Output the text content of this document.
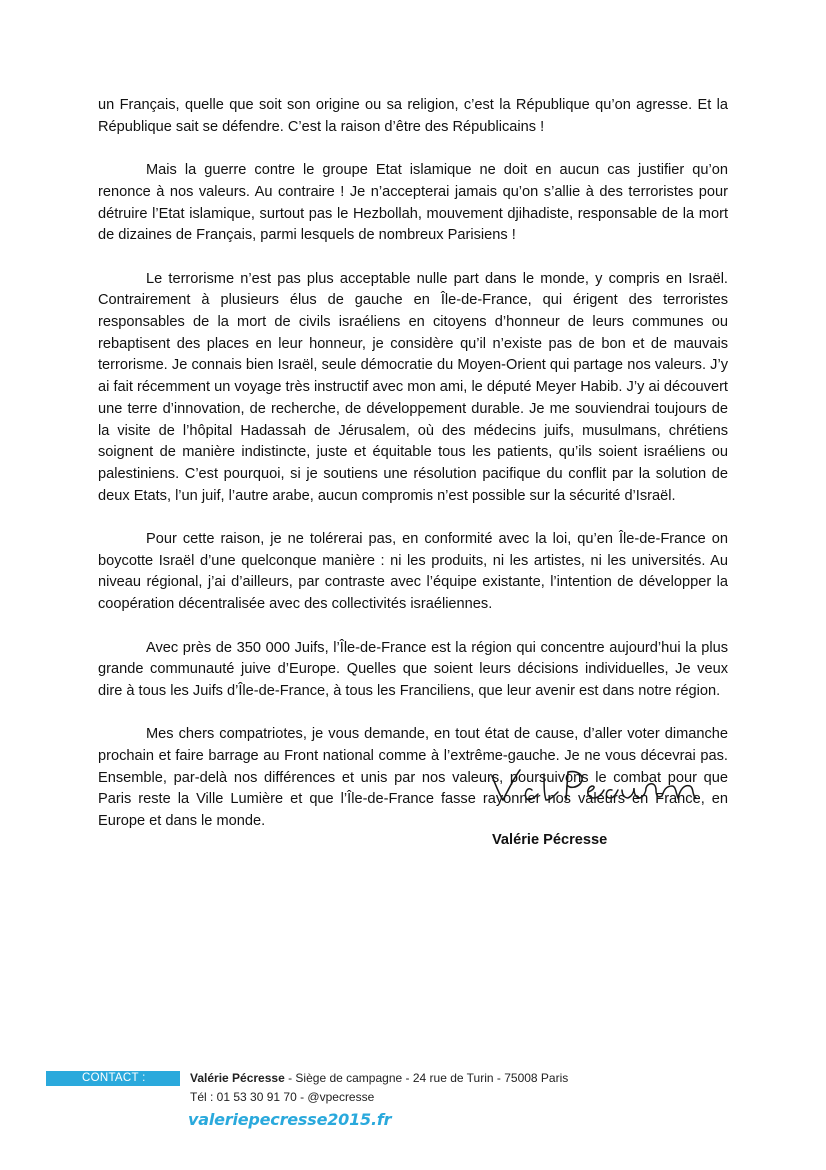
un Français, quelle que soit son origine ou sa religion, c’est la République qu’on agresse. Et la République sait se défendre. C’est la raison d’être des Républicains !

Mais la guerre contre le groupe Etat islamique ne doit en aucun cas justifier qu’on renonce à nos valeurs. Au contraire ! Je n’accepterai jamais qu’on s’allie à des terroristes pour détruire l’Etat islamique, surtout pas le Hezbollah, mouvement djihadiste, responsable de la mort de dizaines de Français, parmi lesquels de nombreux Parisiens !

Le terrorisme n’est pas plus acceptable nulle part dans le monde, y compris en Israël. Contrairement à plusieurs élus de gauche en Île-de-France, qui érigent des terroristes responsables de la mort de civils israéliens en citoyens d’honneur de leurs communes ou rebaptisent des places en leur honneur, je considère qu’il n’existe pas de bon et de mauvais terrorisme. Je connais bien Israël, seule démocratie du Moyen-Orient qui partage nos valeurs. J’y ai fait récemment un voyage très instructif avec mon ami, le député Meyer Habib. J’y ai découvert une terre d’innovation, de recherche, de développement durable. Je me souviendrai toujours de la visite de l’hôpital Hadassah de Jérusalem, où des médecins juifs, musulmans, chrétiens soignent de manière indistincte, juste et équitable tous les patients, qu’ils soient israéliens ou palestiniens. C’est pourquoi, si je soutiens une résolution pacifique du conflit par la solution de deux Etats, l’un juif, l’autre arabe, aucun compromis n’est possible sur la sécurité d’Israël.

Pour cette raison, je ne tolérerai pas, en conformité avec la loi, qu’en Île-de-France on boycotte Israël d’une quelconque manière : ni les produits, ni les artistes, ni les universités. Au niveau régional, j’ai d’ailleurs, par contraste avec l’équipe existante, l’intention de développer la coopération décentralisée avec des collectivités israéliennes.

Avec près de 350 000 Juifs, l’Île-de-France est la région qui concentre aujourd’hui la plus grande communauté juive d’Europe. Quelles que soient leurs décisions individuelles, Je veux dire à tous les Juifs d’Île-de-France, à tous les Franciliens, que leur avenir est dans notre région.

Mes chers compatriotes, je vous demande, en tout état de cause, d’aller voter dimanche prochain et faire barrage au Front national comme à l’extrême-gauche. Je ne vous décevrai pas. Ensemble, par-delà nos différences et unis par nos valeurs, poursuivons le combat pour que Paris reste la Ville Lumière et que l’Île-de-France fasse rayonner nos valeurs en France, en Europe et dans le monde.

Valérie Pécresse
CONTACT :	Valérie Pécresse - Siège de campagne - 24 rue de Turin - 75008 Paris
Tél : 01 53 30 91 70 - @vpecresse
valeriepecresse2015.fr
